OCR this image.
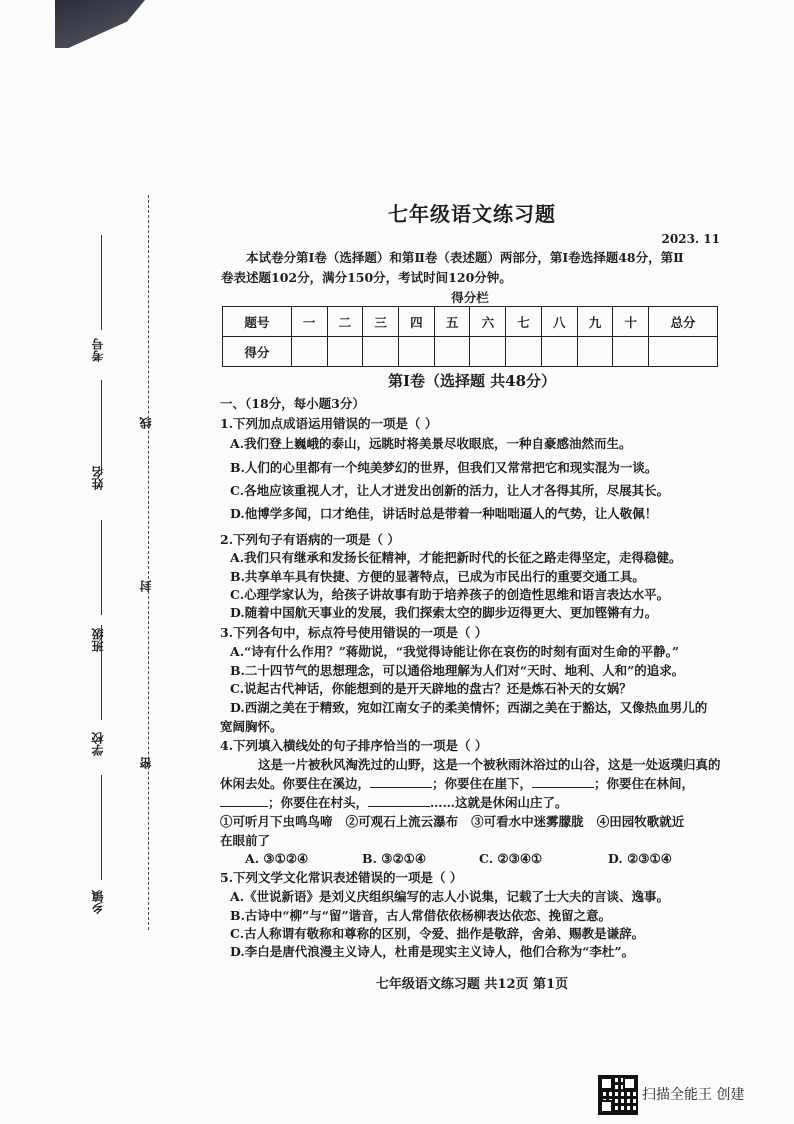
考号
姓名
班级
学校
乡镇
线
封
密
七年级语文练习题
2023. 11
本试卷分第Ⅰ卷（选择题）和第Ⅱ卷（表述题）两部分，第Ⅰ卷选择题48分，第Ⅱ
卷表述题102分，满分150分，考试时间120分钟。
得分栏
题号	一	二	三	四	五	六	七	八	九	十	总分
得分											
第Ⅰ卷（选择题 共48分）
一、（18分，每小题3分）
1.下列加点成语运用错误的一项是（ ）
A.我们登上巍峨的泰山，远眺时将美景尽收眼底，一种自豪感油然而生。
B.人们的心里都有一个纯美梦幻的世界，但我们又常常把它和现实混为一谈。
C.各地应该重视人才，让人才迸发出创新的活力，让人才各得其所，尽展其长。
D.他博学多闻，口才绝佳，讲话时总是带着一种咄咄逼人的气势，让人敬佩！
2.下列句子有语病的一项是（ ）
A.我们只有继承和发扬长征精神，才能把新时代的长征之路走得坚定，走得稳健。
B.共享单车具有快捷、方便的显著特点，已成为市民出行的重要交通工具。
C.心理学家认为，给孩子讲故事有助于培养孩子的创造性思维和语言表达水平。
D.随着中国航天事业的发展，我们探索太空的脚步迈得更大、更加铿锵有力。
3.下列各句中，标点符号使用错误的一项是（ ）
A.“诗有什么作用？”蒋勋说，“我觉得诗能让你在哀伤的时刻有面对生命的平静。”
B.二十四节气的思想理念，可以通俗地理解为人们对“天时、地利、人和”的追求。
C.说起古代神话，你能想到的是开天辟地的盘古？还是炼石补天的女娲？
D.西湖之美在于精致，宛如江南女子的柔美情怀；西湖之美在于豁达，又像热血男儿的
宽阔胸怀。
4.下列填入横线处的句子排序恰当的一项是（ ）
这是一片被秋风淘洗过的山野，这是一个被秋雨沐浴过的山谷，这是一处返璞归真的
休闲去处。你要住在溪边，	；你要住在崖下，	；你要住在林间，
；你要住在村头，	……这就是休闲山庄了。
①可听月下虫鸣鸟啼 ②可观石上流云瀑布 ③可看水中迷雾朦胧 ④田园牧歌就近
在眼前了
A. ③①②④	B. ③②①④	C. ②③④①	D. ②③①④
5.下列文学文化常识表述错误的一项是（ ）
A.《世说新语》是刘义庆组织编写的志人小说集，记载了士大夫的言谈、逸事。
B.古诗中“柳”与“留”谐音，古人常借依依杨柳表达依恋、挽留之意。
C.古人称谓有敬称和尊称的区别，令爱、拙作是敬辞，舍弟、赐教是谦辞。
D.李白是唐代浪漫主义诗人，杜甫是现实主义诗人，他们合称为“李杜”。
七年级语文练习题 共12页 第1页
扫描全能王 创建
